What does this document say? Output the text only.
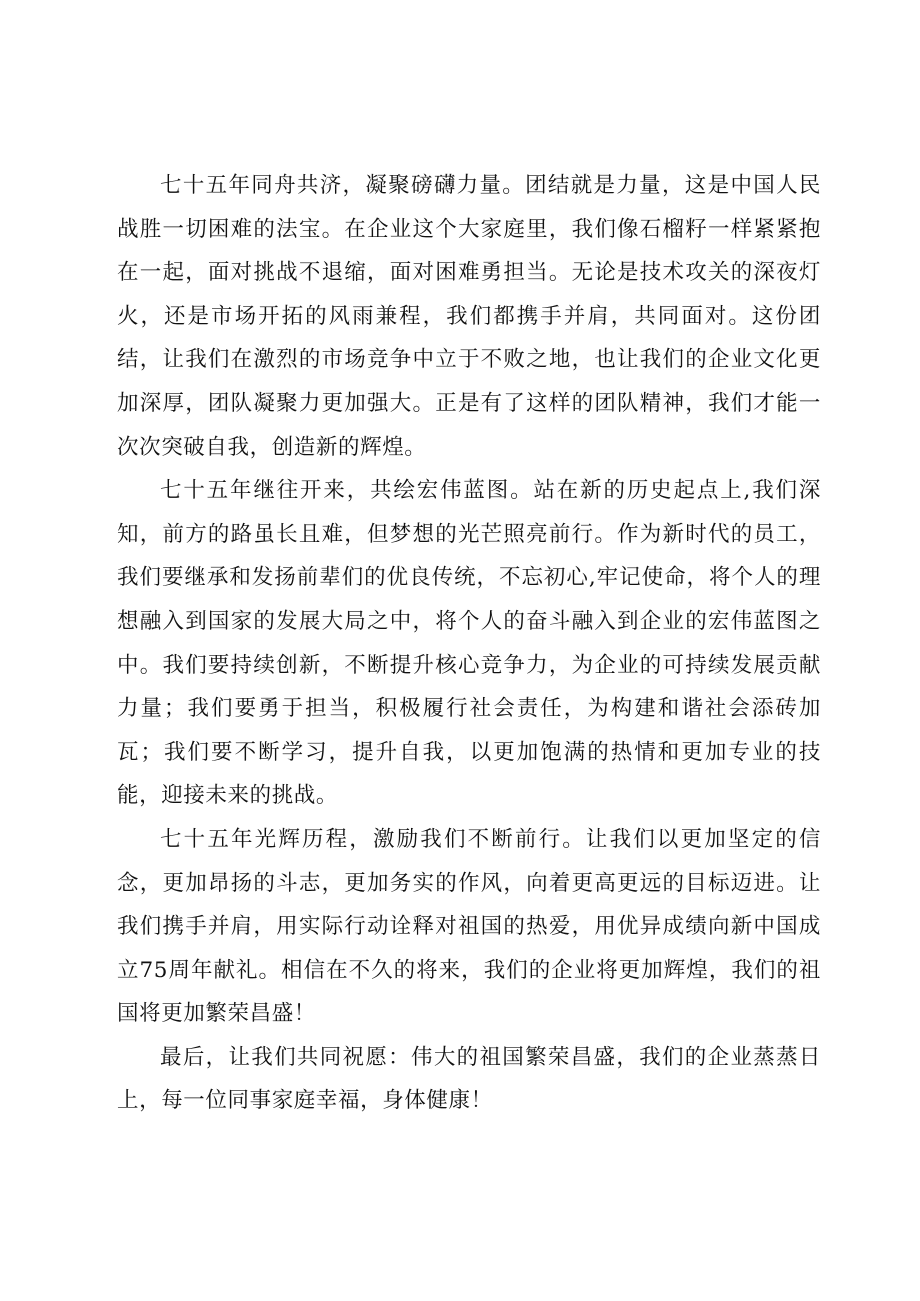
七十五年同舟共济，凝聚磅礴力量。团结就是力量，这是中国人民战胜一切困难的法宝。在企业这个大家庭里，我们像石榴籽一样紧紧抱在一起，面对挑战不退缩，面对困难勇担当。无论是技术攻关的深夜灯火，还是市场开拓的风雨兼程，我们都携手并肩，共同面对。这份团结，让我们在激烈的市场竞争中立于不败之地，也让我们的企业文化更加深厚，团队凝聚力更加强大。正是有了这样的团队精神，我们才能一次次突破自我，创造新的辉煌。

七十五年继往开来，共绘宏伟蓝图。站在新的历史起点上,我们深知，前方的路虽长且难，但梦想的光芒照亮前行。作为新时代的员工，我们要继承和发扬前辈们的优良传统，不忘初心,牢记使命，将个人的理想融入到国家的发展大局之中，将个人的奋斗融入到企业的宏伟蓝图之中。我们要持续创新，不断提升核心竞争力，为企业的可持续发展贡献力量；我们要勇于担当，积极履行社会责任，为构建和谐社会添砖加瓦；我们要不断学习，提升自我，以更加饱满的热情和更加专业的技能，迎接未来的挑战。

七十五年光辉历程，激励我们不断前行。让我们以更加坚定的信念，更加昂扬的斗志，更加务实的作风，向着更高更远的目标迈进。让我们携手并肩，用实际行动诠释对祖国的热爱，用优异成绩向新中国成立75周年献礼。相信在不久的将来，我们的企业将更加辉煌，我们的祖国将更加繁荣昌盛！

最后，让我们共同祝愿：伟大的祖国繁荣昌盛，我们的企业蒸蒸日上，每一位同事家庭幸福，身体健康！
